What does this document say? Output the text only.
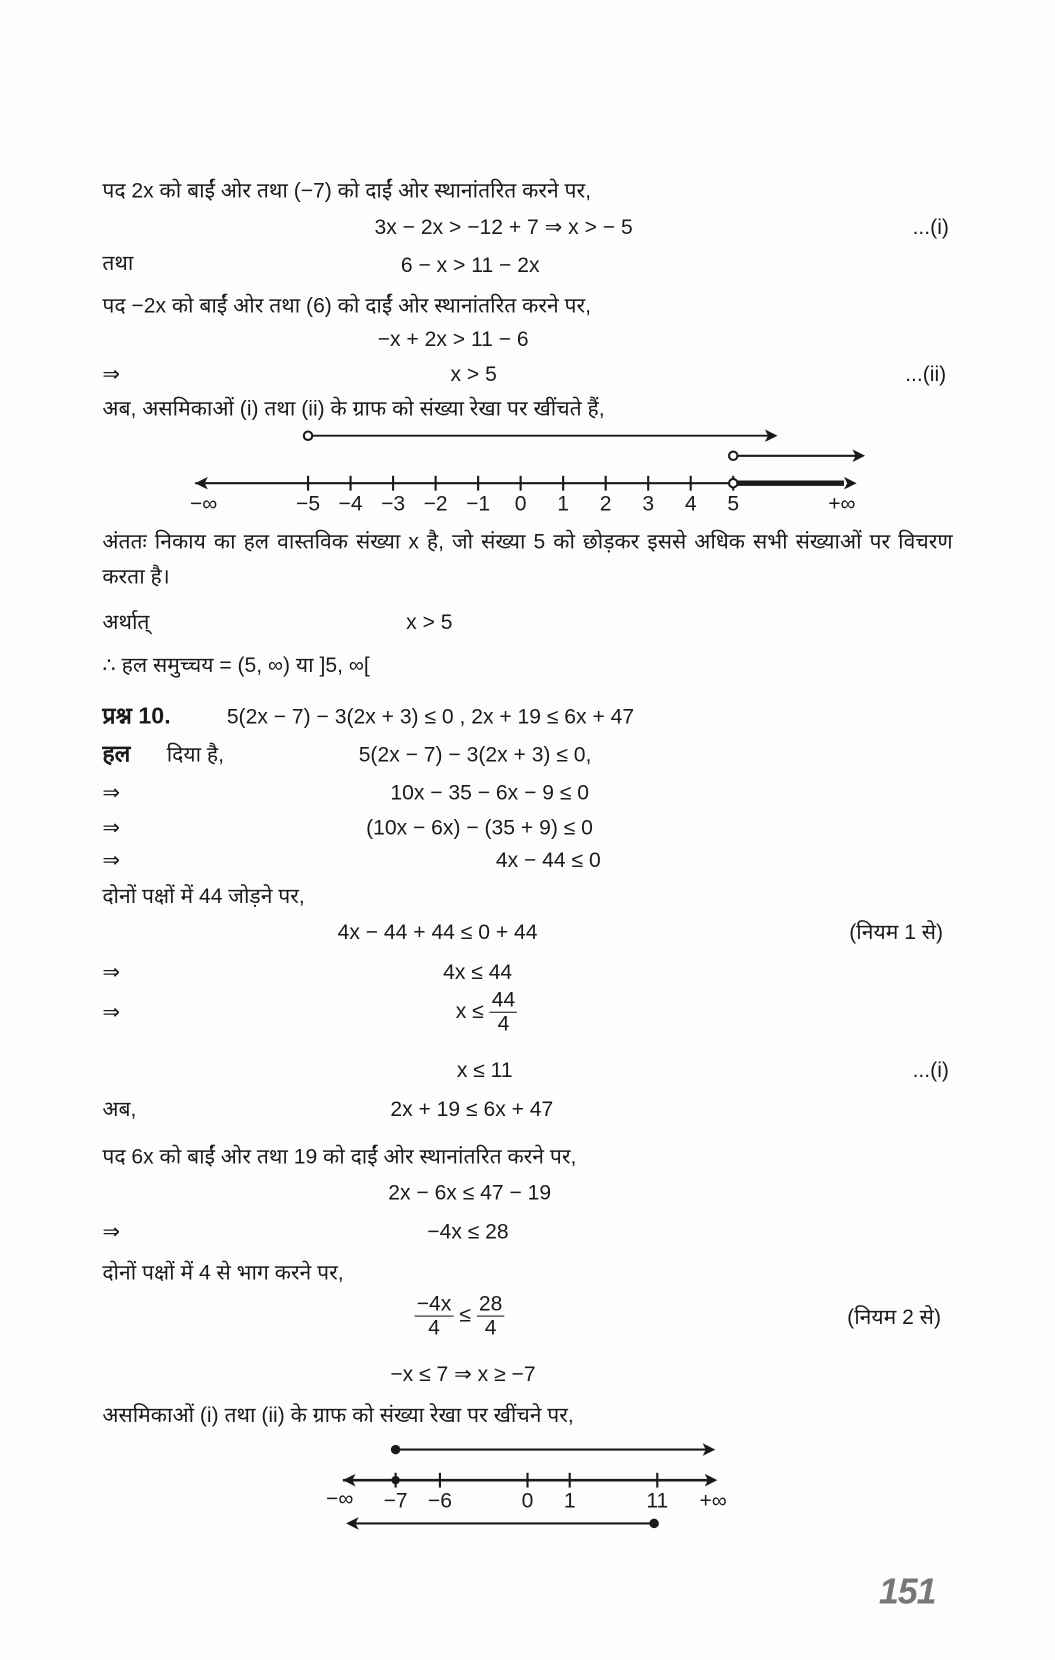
पद 2x को बाईं ओर तथा (−7) को दाईं ओर स्थानांतरित करने पर,
3x − 2x > −12 + 7 ⇒ x > − 5	...(i)
तथा	6 − x > 11 − 2x
पद −2x को बाईं ओर तथा (6) को दाईं ओर स्थानांतरित करने पर,
−x + 2x > 11 − 6
⇒	x > 5	...(ii)
अब, असमिकाओं (i) तथा (ii) के ग्राफ को संख्या रेखा पर खींचते हैं,
−5 −4 −3 −2 −1 0 1 2 3 4 5
−∞	+∞
अंततः निकाय का हल वास्तविक संख्या x है, जो संख्या 5 को छोड़कर इससे अधिक सभी संख्याओं पर विचरण करता है।
अर्थात्	x > 5
∴ हल समुच्चय = (5, ∞) या ]5, ∞[
प्रश्न 10.	5(2x − 7) − 3(2x + 3) ≤ 0 , 2x + 19 ≤ 6x + 47
हल दिया है,	5(2x − 7) − 3(2x + 3) ≤ 0,
⇒	10x − 35 − 6x − 9 ≤ 0
⇒	(10x − 6x) − (35 + 9) ≤ 0
⇒	4x − 44 ≤ 0
दोनों पक्षों में 44 जोड़ने पर,
4x − 44 + 44 ≤ 0 + 44	(नियम 1 से)
⇒	4x ≤ 44
⇒	$x \le \frac{44}{4}$
x ≤ 11	...(i)
अब,	2x + 19 ≤ 6x + 47
पद 6x को बाईं ओर तथा 19 को दाईं ओर स्थानांतरित करने पर,
2x − 6x ≤ 47 − 19
⇒	−4x ≤ 28
दोनों पक्षों में 4 से भाग करने पर,
$\frac{-4x}{4} \le \frac{28}{4}$	(नियम 2 से)
−x ≤ 7 ⇒ x ≥ −7
असमिकाओं (i) तथा (ii) के ग्राफ को संख्या रेखा पर खींचने पर,
−7 −6	0 1	11
−∞	+∞
151
